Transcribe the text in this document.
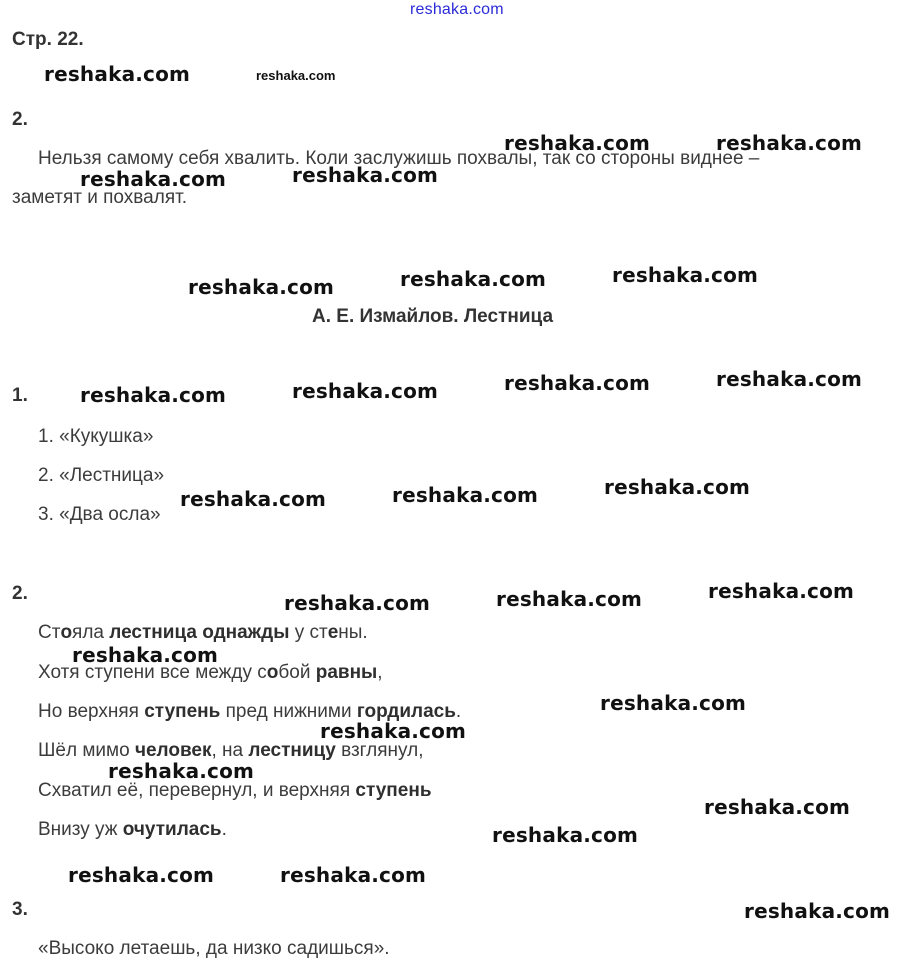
reshaka.com
Стр. 22.
2.
Нельзя самому себя хвалить. Коли заслужишь похвалы, так со стороны виднее –
заметят и похвалят.
А. Е. Измайлов. Лестница
1.
1. «Кукушка»
2. «Лестница»
3. «Два осла»
2.
Стояла лестница однажды у стены.
Хотя ступени все между собой равны,
Но верхняя ступень пред нижними гордилась.
Шёл мимо человек, на лестницу взглянул,
Схватил её, перевернул, и верхняя ступень
Внизу уж очутилась.
3.
«Высоко летаешь, да низко садишься».
reshaka.com	reshaka.com
reshaka.com	reshaka.com
reshaka.com	reshaka.com
reshaka.com	reshaka.com	reshaka.com
reshaka.com	reshaka.com	reshaka.com	reshaka.com
reshaka.com	reshaka.com	reshaka.com
reshaka.com	reshaka.com	reshaka.com
reshaka.com
reshaka.com
reshaka.com
reshaka.com
reshaka.com
reshaka.com
reshaka.com	reshaka.com
reshaka.com
